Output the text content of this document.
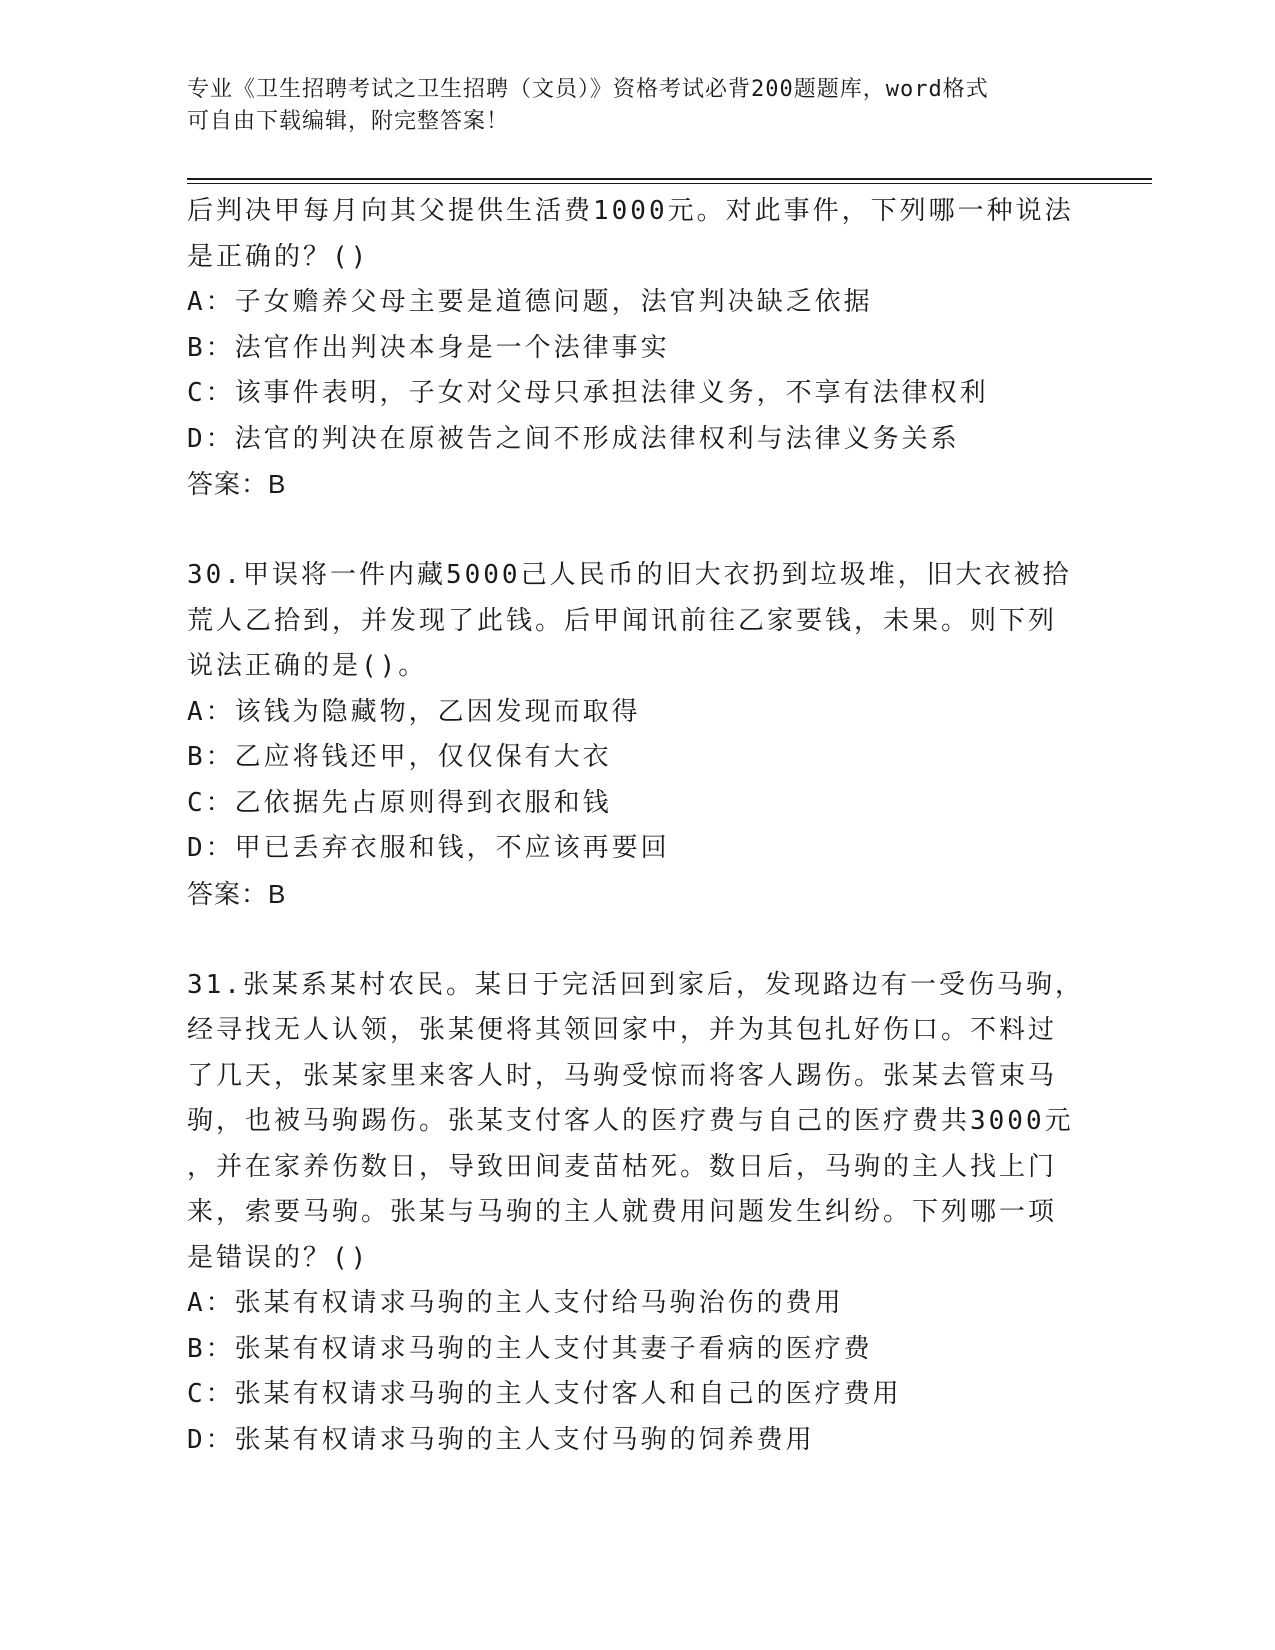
专业《卫生招聘考试之卫生招聘（文员）》资格考试必背200题题库，word格式
可自由下载编辑，附完整答案！
后判决甲每月向其父提供生活费1000元。对此事件，下列哪一种说法
是正确的？()
A：子女赡养父母主要是道德问题，法官判决缺乏依据
B：法官作出判决本身是一个法律事实
C：该事件表明，子女对父母只承担法律义务，不享有法律权利
D：法官的判决在原被告之间不形成法律权利与法律义务关系
答案：B
30.甲误将一件内藏5000己人民币的旧大衣扔到垃圾堆，旧大衣被拾
荒人乙拾到，并发现了此钱。后甲闻讯前往乙家要钱，未果。则下列
说法正确的是()。
A：该钱为隐藏物，乙因发现而取得
B：乙应将钱还甲，仅仅保有大衣
C：乙依据先占原则得到衣服和钱
D：甲已丢弃衣服和钱，不应该再要回
答案：B
31.张某系某村农民。某日于完活回到家后，发现路边有一受伤马驹，
经寻找无人认领，张某便将其领回家中，并为其包扎好伤口。不料过
了几天，张某家里来客人时，马驹受惊而将客人踢伤。张某去管束马
驹，也被马驹踢伤。张某支付客人的医疗费与自己的医疗费共3000元
，并在家养伤数日，导致田间麦苗枯死。数日后，马驹的主人找上门
来，索要马驹。张某与马驹的主人就费用问题发生纠纷。下列哪一项
是错误的？()
A：张某有权请求马驹的主人支付给马驹治伤的费用
B：张某有权请求马驹的主人支付其妻子看病的医疗费
C：张某有权请求马驹的主人支付客人和自己的医疗费用
D：张某有权请求马驹的主人支付马驹的饲养费用
